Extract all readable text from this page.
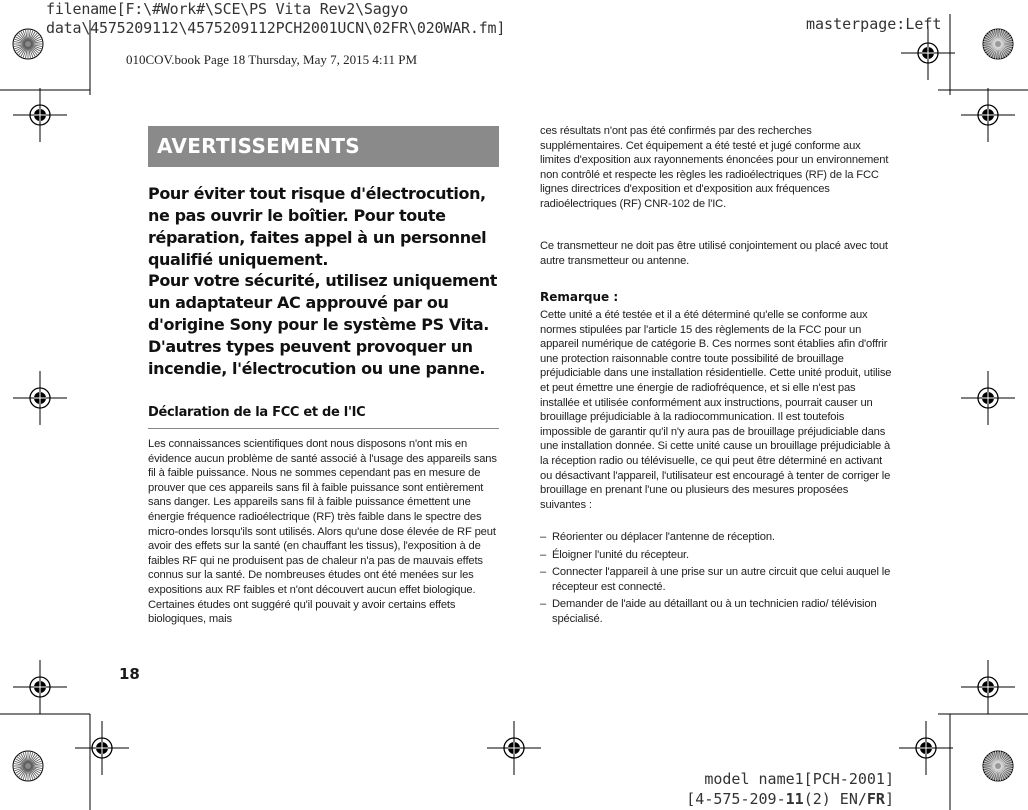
filename[F:\#Work#\SCE\PS Vita Rev2\Sagyo
data\4575209112\4575209112PCH2001UCN\02FR\020WAR.fm]	masterpage:Left
010COV.book Page 18 Thursday, May 7, 2015 4:11 PM
AVERTISSEMENTS
Pour éviter tout risque d'électrocution, ne pas ouvrir le boîtier. Pour toute réparation, faites appel à un personnel qualifié uniquement.
Pour votre sécurité, utilisez uniquement un adaptateur AC approuvé par ou d'origine Sony pour le système PS Vita. D'autres types peuvent provoquer un incendie, l'électrocution ou une panne.
Déclaration de la FCC et de l'IC
Les connaissances scientifiques dont nous disposons n'ont mis en évidence aucun problème de santé associé à l'usage des appareils sans fil à faible puissance. Nous ne sommes cependant pas en mesure de prouver que ces appareils sans fil à faible puissance sont entièrement sans danger. Les appareils sans fil à faible puissance émettent une énergie fréquence radioélectrique (RF) très faible dans le spectre des micro-ondes lorsqu'ils sont utilisés. Alors qu'une dose élevée de RF peut avoir des effets sur la santé (en chauffant les tissus), l'exposition à de faibles RF qui ne produisent pas de chaleur n'a pas de mauvais effets connus sur la santé. De nombreuses études ont été menées sur les expositions aux RF faibles et n'ont découvert aucun effet biologique. Certaines études ont suggéré qu'il pouvait y avoir certains effets biologiques, mais
ces résultats n'ont pas été confirmés par des recherches supplémentaires. Cet équipement a été testé et jugé conforme aux limites d'exposition aux rayonnements énoncées pour un environnement non contrôlé et respecte les règles les radioélectriques (RF) de la FCC lignes directrices d'exposition et d'exposition aux fréquences radioélectriques (RF) CNR-102 de l'IC.
Ce transmetteur ne doit pas être utilisé conjointement ou placé avec tout autre transmetteur ou antenne.
Remarque :
Cette unité a été testée et il a été déterminé qu'elle se conforme aux normes stipulées par l'article 15 des règlements de la FCC pour un appareil numérique de catégorie B. Ces normes sont établies afin d'offrir une protection raisonnable contre toute possibilité de brouillage préjudiciable dans une installation résidentielle. Cette unité produit, utilise et peut émettre une énergie de radiofréquence, et si elle n'est pas installée et utilisée conformément aux instructions, pourrait causer un brouillage préjudiciable à la radiocommunication. Il est toutefois impossible de garantir qu'il n'y aura pas de brouillage préjudiciable dans une installation donnée. Si cette unité cause un brouillage préjudiciable à la réception radio ou télévisuelle, ce qui peut être déterminé en activant ou désactivant l'appareil, l'utilisateur est encouragé à tenter de corriger le brouillage en prenant l'une ou plusieurs des mesures proposées suivantes :
– Réorienter ou déplacer l'antenne de réception.
– Éloigner l'unité du récepteur.
– Connecter l'appareil à une prise sur un autre circuit que celui auquel le récepteur est connecté.
– Demander de l'aide au détaillant ou à un technicien radio/ télévision spécialisé.
18
model name1[PCH-2001]
[4-575-209-11(2) EN/FR]
